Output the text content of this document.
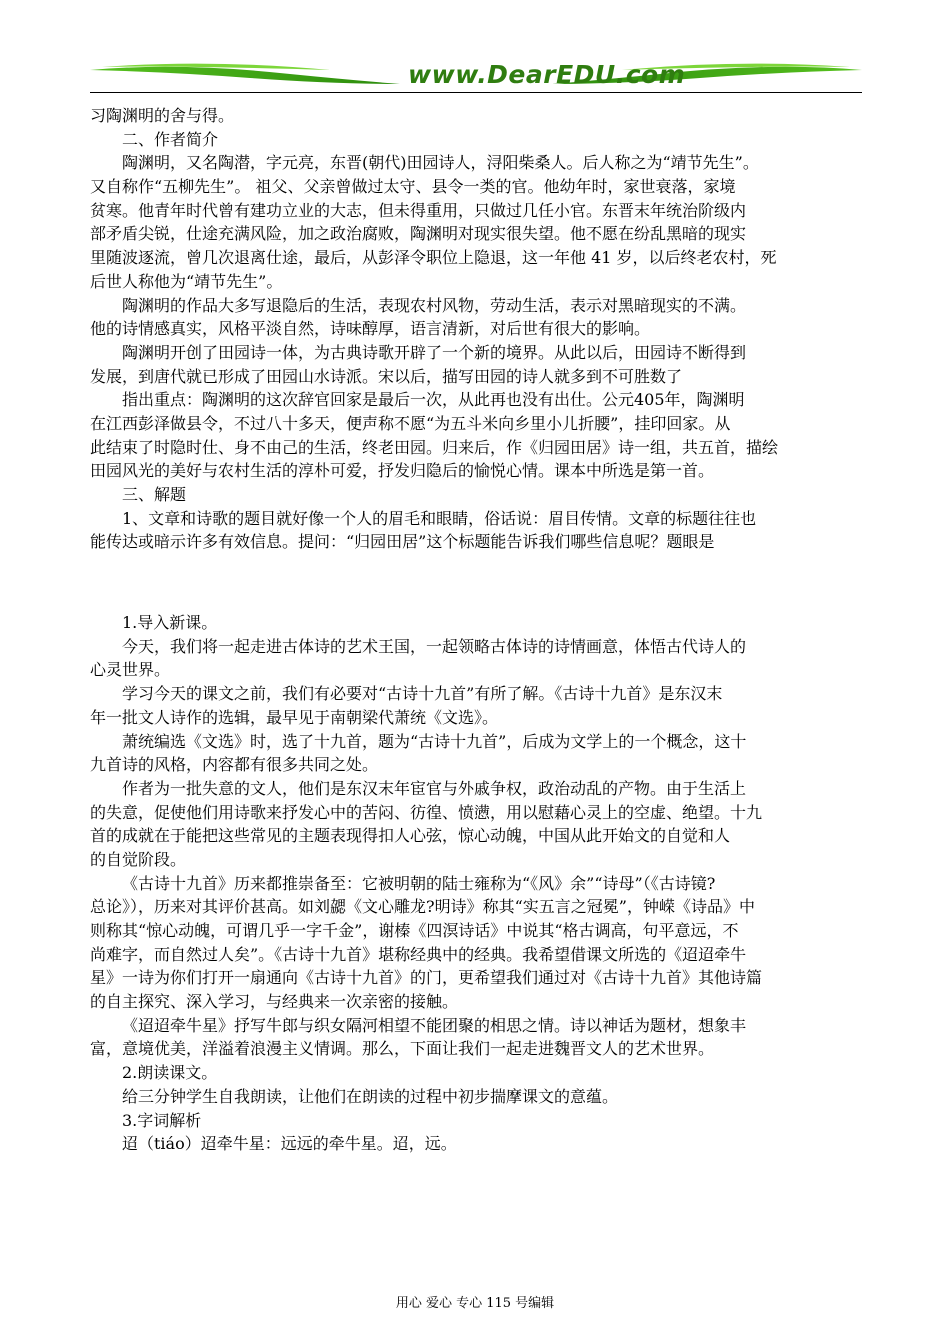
www.DearEDU.com
习陶渊明的舍与得。
二、作者简介
陶渊明，又名陶潜，字元亮，东晋(朝代)田园诗人，浔阳柴桑人。后人称之为“靖节先生”。
又自称作“五柳先生”。 祖父、父亲曾做过太守、县令一类的官。他幼年时，家世衰落，家境
贫寒。他青年时代曾有建功立业的大志，但未得重用，只做过几任小官。东晋末年统治阶级内
部矛盾尖锐，仕途充满风险，加之政治腐败，陶渊明对现实很失望。他不愿在纷乱黑暗的现实
里随波逐流，曾几次退离仕途，最后，从彭泽令职位上隐退，这一年他 41 岁，以后终老农村，死
后世人称他为“靖节先生”。
陶渊明的作品大多写退隐后的生活，表现农村风物，劳动生活，表示对黑暗现实的不满。
他的诗情感真实，风格平淡自然，诗味醇厚，语言清新，对后世有很大的影响。
陶渊明开创了田园诗一体，为古典诗歌开辟了一个新的境界。从此以后，田园诗不断得到
发展，到唐代就已形成了田园山水诗派。宋以后，描写田园的诗人就多到不可胜数了
指出重点：陶渊明的这次辞官回家是最后一次，从此再也没有出仕。公元405年，陶渊明
在江西彭泽做县令，不过八十多天，便声称不愿“为五斗米向乡里小儿折腰”，挂印回家。从
此结束了时隐时仕、身不由己的生活，终老田园。归来后，作《归园田居》诗一组，共五首，描绘
田园风光的美好与农村生活的淳朴可爱，抒发归隐后的愉悦心情。课本中所选是第一首。
三、解题
1、文章和诗歌的题目就好像一个人的眉毛和眼睛，俗话说：眉目传情。文章的标题往往也
能传达或暗示许多有效信息。提问：“归园田居”这个标题能告诉我们哪些信息呢？题眼是
1.导入新课。
今天，我们将一起走进古体诗的艺术王国，一起领略古体诗的诗情画意，体悟古代诗人的
心灵世界。
学习今天的课文之前，我们有必要对“古诗十九首”有所了解。《古诗十九首》是东汉末
年一批文人诗作的选辑，最早见于南朝梁代萧统《文选》。
萧统编选《文选》时，选了十九首，题为“古诗十九首”，后成为文学上的一个概念，这十
九首诗的风格，内容都有很多共同之处。
作者为一批失意的文人，他们是东汉末年宦官与外戚争权，政治动乱的产物。由于生活上
的失意，促使他们用诗歌来抒发心中的苦闷、彷徨、愤懑，用以慰藉心灵上的空虚、绝望。十九
首的成就在于能把这些常见的主题表现得扣人心弦，惊心动魄，中国从此开始文的自觉和人
的自觉阶段。
《古诗十九首》历来都推崇备至：它被明朝的陆士雍称为“《风》余”“诗母”（《古诗镜?
总论》），历来对其评价甚高。如刘勰《文心雕龙?明诗》称其“实五言之冠冕”，钟嵘《诗品》中
则称其“惊心动魄，可谓几乎一字千金”，谢榛《四溟诗话》中说其“格古调高，句平意远，不
尚难字，而自然过人矣”。《古诗十九首》堪称经典中的经典。我希望借课文所选的《迢迢牵牛
星》一诗为你们打开一扇通向《古诗十九首》的门，更希望我们通过对《古诗十九首》其他诗篇
的自主探究、深入学习，与经典来一次亲密的接触。
《迢迢牵牛星》抒写牛郎与织女隔河相望不能团聚的相思之情。诗以神话为题材，想象丰
富，意境优美，洋溢着浪漫主义情调。那么，下面让我们一起走进魏晋文人的艺术世界。
2.朗读课文。
给三分钟学生自我朗读，让他们在朗读的过程中初步揣摩课文的意蕴。
3.字词解析
迢（tiáo）迢牵牛星：远远的牵牛星。迢，远。
用心 爱心 专心 115 号编辑
